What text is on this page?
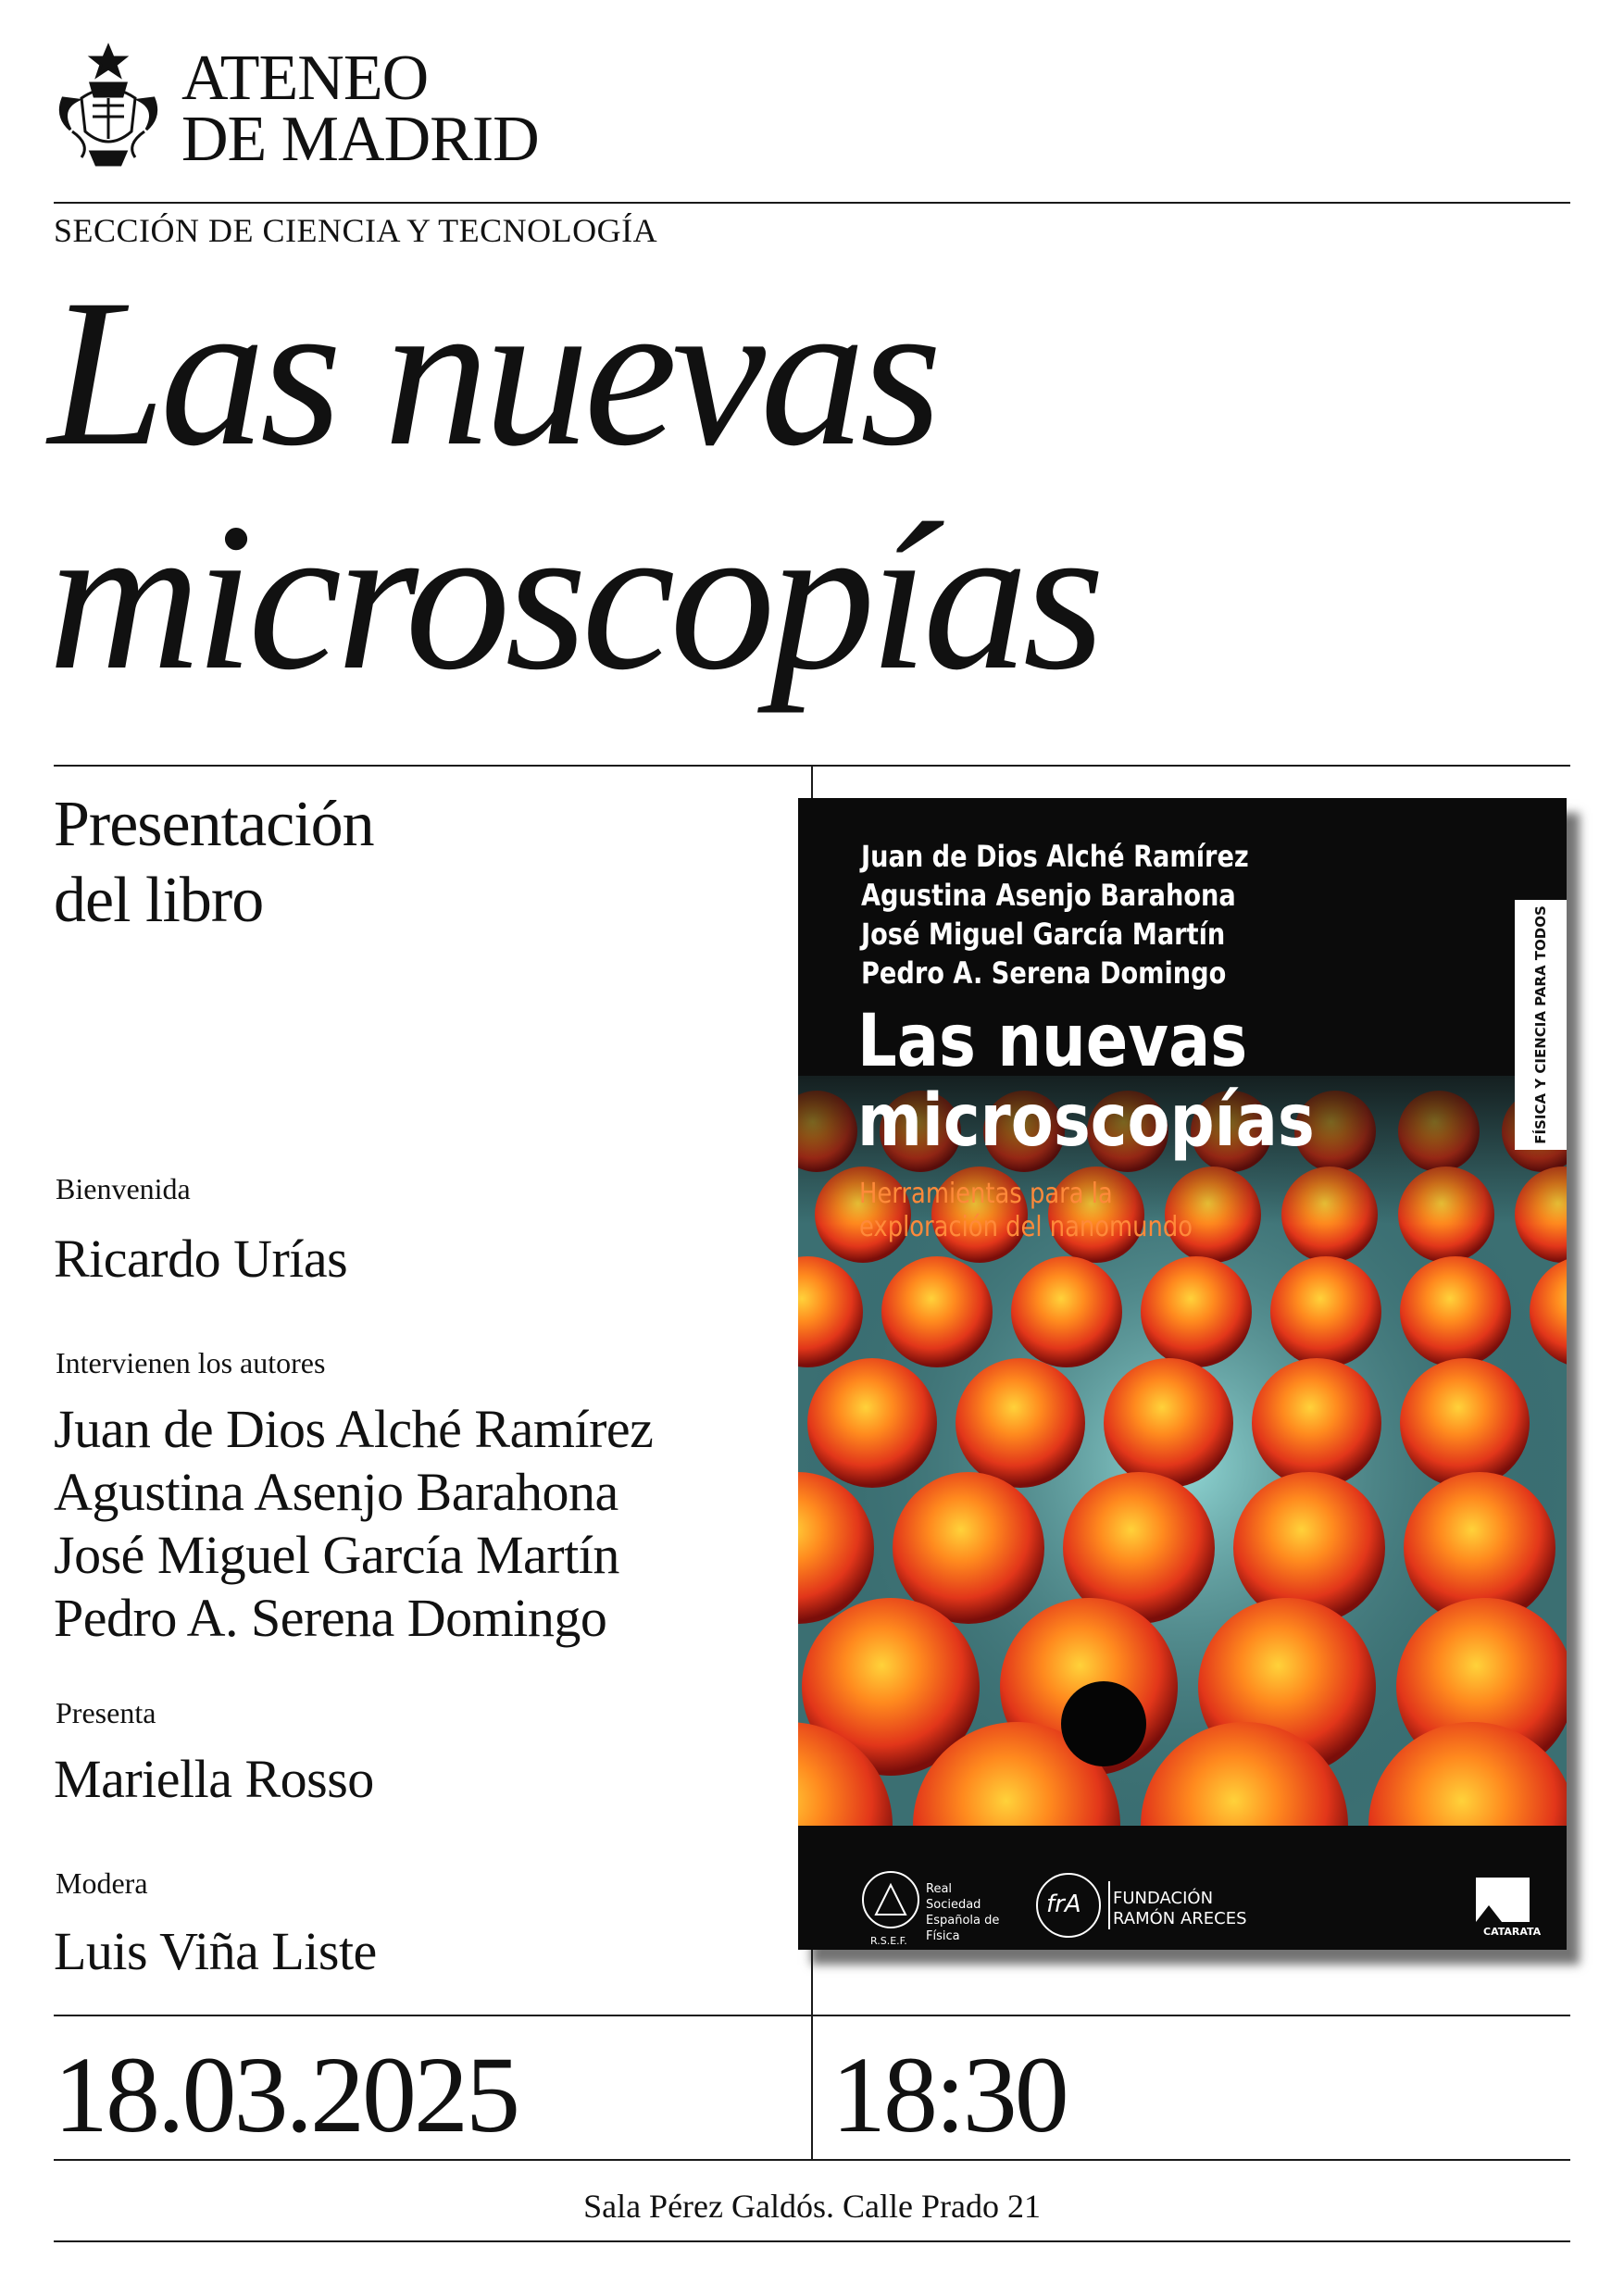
ATENEO
DE MADRID
SECCIÓN DE CIENCIA Y TECNOLOGÍA
Las nuevas
microscopías
Presentación
del libro
Bienvenida
Ricardo Urías
Intervienen los autores
Juan de Dios Alché Ramírez
Agustina Asenjo Barahona
José Miguel García Martín
Pedro A. Serena Domingo
Presenta
Mariella Rosso
Modera
Luis Viña Liste
Juan de Dios Alché Ramírez
Agustina Asenjo Barahona
José Miguel García Martín
Pedro A. Serena Domingo
Las nuevas
microscopías
Herramientas para la
exploración del nanomundo
FÍSICA Y CIENCIA PARA TODOS
Real
Sociedad
Española de
Física
R.S.E.F.
frA FUNDACIÓN
RAMÓN ARECES
CATARATA
18.03.2025	18:30
Sala Pérez Galdós. Calle Prado 21
